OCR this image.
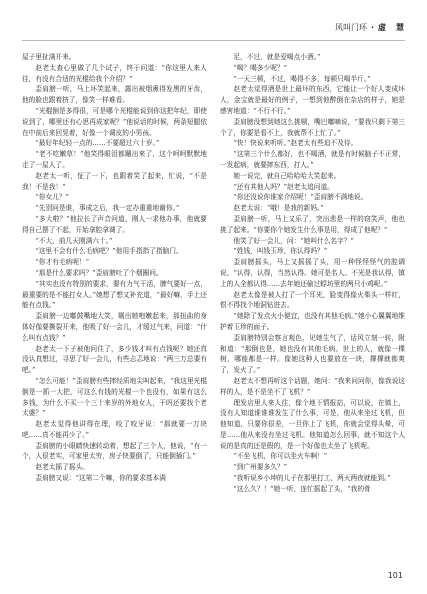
风叫门环 · 虚　慧

屋子里扯满开来。

赵老太查心里做了几个试子，终于问道：“你这里人来人往，有没有合适的光棍给我个介绍？”

歪肩膀一听，马上坏笑起来，露出被烟熏得发黑的牙齿，他的脸也跟着挤了，像笑一样难看。

“光棍倒是多得很，可是哪个光棍能说到你这把年纪，即使说到了，哪里还有心思再成家呢？”他说话的时候，两条短腿依在中前后来回晃着，好像一个调皮的小男孩。

“最好年纪轻一点的……不要超过六十岁。”

“老不吃嫩草！”他笑得眼泪都蹦出来了，这个呵呵默默地走了一屋人了。

赵老太一听，怔了一下，也跟着笑了起来，忙说，“不是我！不是我！”

“你女儿？”

“先别问是谁，事成之后，我一定办重重地谢你。”

“多大啦？”他拉长了声音问道，刚人一求他办事，他就要得自己摆了不起，开始拿腔拿调了。

“不大，前几天刚满六十。”

“这里不会有什么毛病吧？”他用手指指了指脑门。

“你才有毛病呢！”

“那是什么要求吗？”歪肩膀吐了个烟圈问。

“其实也没有特别的要求，要有力气干活，脾气要好一点，最重要的是不能打女人。”她想了想又补充道，“最好嘛，手上还能有点钱。”

歪肩膀一边嘟鼓嘴地大笑，剔出她咆嫩起来，那扭曲的身体好像要撕裂开来，他吸了好一会儿，才缓过气来，问道：“什么叫有点钱？”

赵老太一下子被他问住了，多少钱才叫有点钱呢？她还真没认真想过，寻思了好一会儿，有些忐忑地说：“两三万总要有吧。”

“怎么可能！”歪肩膀有些摔经质地尖叫起来，“我这里光棍倒是一抓一大把，可这么有钱的光棍一个也没有，如果有这么多钱，为什么不买一个三十来岁的外地女人，干吗还要找个老太婆？”

赵老太觉得他讲得在理，咬了咬牙说：“那就要一万块吧……真不能再少了。”

歪肩膀的小眼睛快速转动着，想起了三个人，他说，“有一个，人很老实，可家里太穷，房子快要倒了，只能倒插门。”

赵老太摇了摇头。

歪肩膀又说：“这第二个嘛，你的要求基本满

足，不过，就是爱喝点小酒。”

“喝？喝多少呢？”

“一天三顿，不过，喝得不多，每顿只喝半斤。”

赵老太觉得酒是世上最坏的东西，它能让一个好人变成坏人，金宝就是最好的例子，一想到他醉倒在杂店的样子，她是感害地道：“不行不行。”

歪肩膀没想到她这么挑剔，嘴巴嘟嘀说，“要我只剩下第三个了，你要是看不上，我就帮不上忙了。”

“快！快说来听听。”赵老太有些迫不及待。

“这第三个什么都好，也不喝酒，就是有时候脑子不正常，一发起病，就要摔东西，打人。”

她一说完，就自己哈哈哈大笑起来。

“还有其他人吗？”赵老太追问道。

“你还没说你谁家介绍呢！”歪肩膀不满地说。

赵老太说：“哦！是我的新妈。”

歪肩膀一听，马上又乐了，突出悲是一样的窃笑声，他也挑了起来。“你要你个她发生什么事是用，得成了他呢？”

他笑了好一会儿，问：“她叫什么名字？”

“姓钱，叫钱玉珍，你认得吗？”

歪肩膀摇头，马上又摇摇了头，用一种怪怪怪气的腔调说，“认得，认得，当然认得。她可是名人。不光是我认得，镇上的人全都认得……去年她还偷过蜉坊里的两只小鸡呢。”

赵老太像是被人打了一个耳光，脸变得像火柴头一样红，恨不得找个地洞钻进去。

“她除了发点火小便宜，也没有其他毛病。”她小心翼翼地维护着玉珍的面子。

歪肩膀特别会察言观色，见她生气了，话风立刻一转，附和道：“那倒也是，她也没有其他毛病。世上的人，就像一棵树，哪能都是一样。像她这种人也要放在一块，撑撑就都爽了，发火了。”

赵老太不想再听这个话题，她问：“我来问问你，像我说这样的人，是不是坐不了飞机？”

理发店里人来人往，像个地下情报站，可以说，在镇上，没有人知道谁谁谁发生了什么事，可是，他从来坐过飞机，但他知道，只要你很差，一旦你上了飞机，你就会觉得头晕，可是……他从来没有坐过飞机。他知道怎么回事，就不知这个人说的是真的还是假的，是一个好像也太坐了飞机呢。

“不坐飞机，你可以坐火车啊！”

“到广州要多久？”

“我听说乡小坤的儿子在那里打工，两天两夜就能到。”

“这么久？！”她一听，连忙摇起了头，“我的骨

101
